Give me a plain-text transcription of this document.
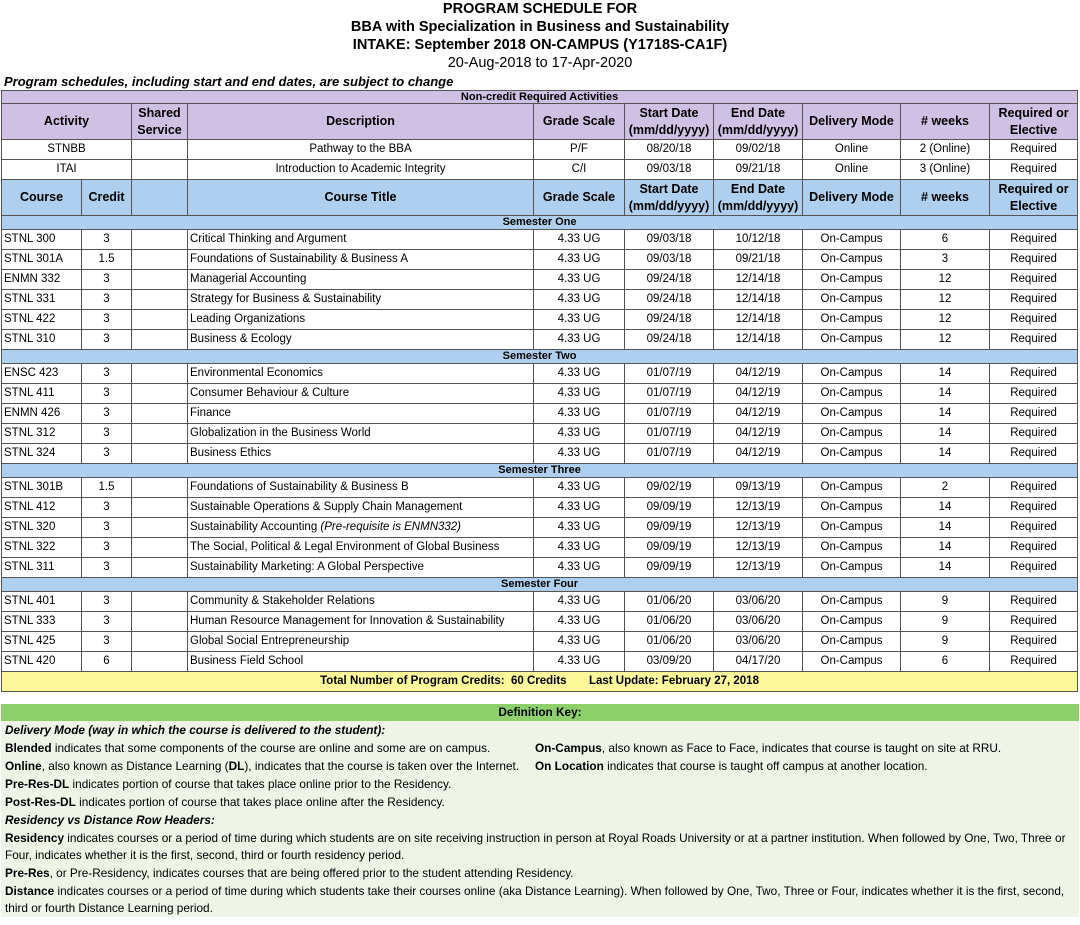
PROGRAM SCHEDULE FOR
BBA with Specialization in Business and Sustainability
INTAKE: September 2018 ON-CAMPUS (Y1718S-CA1F)
20-Aug-2018 to 17-Apr-2020
Program schedules, including start and end dates, are subject to change
Non-credit Required Activities									
Activity		Shared Service	Description	Grade Scale	Start Date (mm/dd/yyyy)	End Date (mm/dd/yyyy)	Delivery Mode	# weeks	Required or Elective
STNBB			Pathway to the BBA	P/F	08/20/18	09/02/18	Online	2 (Online)	Required
ITAI			Introduction to Academic Integrity	C/I	09/03/18	09/21/18	Online	3 (Online)	Required
Course	Credit		Course Title	Grade Scale	Start Date (mm/dd/yyyy)	End Date (mm/dd/yyyy)	Delivery Mode	# weeks	Required or Elective
Semester One									
STNL 300	3		Critical Thinking and Argument	4.33 UG	09/03/18	10/12/18	On-Campus	6	Required
STNL 301A	1.5		Foundations of Sustainability & Business A	4.33 UG	09/03/18	09/21/18	On-Campus	3	Required
ENMN 332	3		Managerial Accounting	4.33 UG	09/24/18	12/14/18	On-Campus	12	Required
STNL 331	3		Strategy for Business & Sustainability	4.33 UG	09/24/18	12/14/18	On-Campus	12	Required
STNL 422	3		Leading Organizations	4.33 UG	09/24/18	12/14/18	On-Campus	12	Required
STNL 310	3		Business & Ecology	4.33 UG	09/24/18	12/14/18	On-Campus	12	Required
Semester Two									
ENSC 423	3		Environmental Economics	4.33 UG	01/07/19	04/12/19	On-Campus	14	Required
STNL 411	3		Consumer Behaviour & Culture	4.33 UG	01/07/19	04/12/19	On-Campus	14	Required
ENMN 426	3		Finance	4.33 UG	01/07/19	04/12/19	On-Campus	14	Required
STNL 312	3		Globalization in the Business World	4.33 UG	01/07/19	04/12/19	On-Campus	14	Required
STNL 324	3		Business Ethics	4.33 UG	01/07/19	04/12/19	On-Campus	14	Required
Semester Three									
STNL 301B	1.5		Foundations of Sustainability & Business B	4.33 UG	09/02/19	09/13/19	On-Campus	2	Required
STNL 412	3		Sustainable Operations & Supply Chain Management	4.33 UG	09/09/19	12/13/19	On-Campus	14	Required
STNL 320	3		Sustainability Accounting (Pre-requisite is ENMN332)	4.33 UG	09/09/19	12/13/19	On-Campus	14	Required
STNL 322	3		The Social, Political & Legal Environment of Global Business	4.33 UG	09/09/19	12/13/19	On-Campus	14	Required
STNL 311	3		Sustainability Marketing: A Global Perspective	4.33 UG	09/09/19	12/13/19	On-Campus	14	Required
Semester Four									
STNL 401	3		Community & Stakeholder Relations	4.33 UG	01/06/20	03/06/20	On-Campus	9	Required
STNL 333	3		Human Resource Management for Innovation & Sustainability	4.33 UG	01/06/20	03/06/20	On-Campus	9	Required
STNL 425	3		Global Social Entrepreneurship	4.33 UG	01/06/20	03/06/20	On-Campus	9	Required
STNL 420	6		Business Field School	4.33 UG	03/09/20	04/17/20	On-Campus	6	Required
Total Number of Program Credits:  60 Credits       Last Update: February 27, 2018									
Definition Key:
Delivery Mode (way in which the course is delivered to the student):
Blended indicates that some components of the course are online and some are on campus.	On-Campus, also known as Face to Face, indicates that course is taught on site at RRU.
Online, also known as Distance Learning (DL), indicates that the course is taken over the Internet.	On Location indicates that course is taught off campus at another location.
Pre-Res-DL indicates portion of course that takes place online prior to the Residency.
Post-Res-DL indicates portion of course that takes place online after the Residency.
Residency vs Distance Row Headers:
Residency indicates courses or a period of time during which students are on site receiving instruction in person at Royal Roads University or at a partner institution. When followed by One, Two, Three or Four, indicates whether it is the first, second, third or fourth residency period.
Pre-Res, or Pre-Residency, indicates courses that are being offered prior to the student attending Residency.
Distance indicates courses or a period of time during which students take their courses online (aka Distance Learning). When followed by One, Two, Three or Four, indicates whether it is the first, second, third or fourth Distance Learning period.
